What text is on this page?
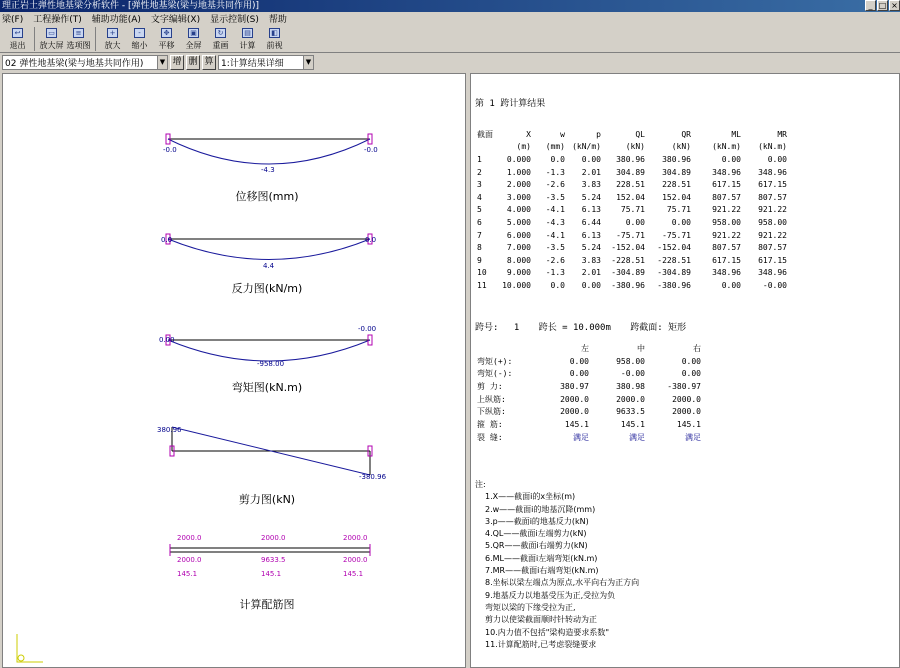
理正岩土弹性地基梁分析软件 - [弹性地基梁(梁与地基共同作用)]	_ □ ×
梁(F) 工程操作(T) 辅助功能(A) 文字编辑(X) 显示控制(S) 帮助
↩
退出
▭
放大屏
≡
选项图
+
放大
-
缩小
✥
平移
▣
全屏
↻
重画
▤
计算
◧
前视
02 弹性地基梁(梁与地基共同作用)	▼ 增 删 算 1:计算结果详细	▼
-0.0	-0.0
-4.3
0.0	0.0
4.4
0.00
-0.00
-958.00
380.96
-380.96
2000.0	2000.0	2000.0
2000.0	9633.5	2000.0
145.1	145.1	145.1
位移图(mm)
反力图(kN/m)
弯矩图(kN.m)
剪力图(kN)
计算配筋图
第 1 跨计算结果
截面	X	w	p	QL	QR	ML	MR
	(m)	(mm)	(kN/m)	(kN)	(kN)	(kN.m)	(kN.m)
1	0.000	0.0	0.00	380.96	380.96	0.00	0.00
2	1.000	-1.3	2.01	304.89	304.89	348.96	348.96
3	2.000	-2.6	3.83	228.51	228.51	617.15	617.15
4	3.000	-3.5	5.24	152.04	152.04	807.57	807.57
5	4.000	-4.1	6.13	75.71	75.71	921.22	921.22
6	5.000	-4.3	6.44	0.00	0.00	958.00	958.00
7	6.000	-4.1	6.13	-75.71	-75.71	921.22	921.22
8	7.000	-3.5	5.24	-152.04	-152.04	807.57	807.57
9	8.000	-2.6	3.83	-228.51	-228.51	617.15	617.15
10	9.000	-1.3	2.01	-304.89	-304.89	348.96	348.96
11	10.000	0.0	0.00	-380.96	-380.96	0.00	-0.00
跨号: 1 跨长 = 10.000m 跨截面: 矩形
	左	中	右
弯矩(+):	0.00	958.00	0.00
弯矩(-):	0.00	-0.00	0.00
剪 力:	380.97	380.98	-380.97
上纵筋:	2000.0	2000.0	2000.0
下纵筋:	2000.0	9633.5	2000.0
箍 筋:	145.1	145.1	145.1
裂 缝:	满足	满足	满足
注:
1.X——截面i的x坐标(m)
2.w——截面i的地基沉降(mm)
3.p——截面i的地基反力(kN)
4.QL——截面i左端剪力(kN)
5.QR——截面i右端剪力(kN)
6.ML——截面i左端弯矩(kN.m)
7.MR——截面i右端弯矩(kN.m)
8.坐标以梁左端点为原点,水平向右为正方向
9.地基反力以地基受压为正,受拉为负
弯矩以梁的下缘受拉为正,
剪力以使梁截面顺时针转动为正
10.内力值不包括"梁构造要求系数"
11.计算配筋时,已考虑裂缝要求
